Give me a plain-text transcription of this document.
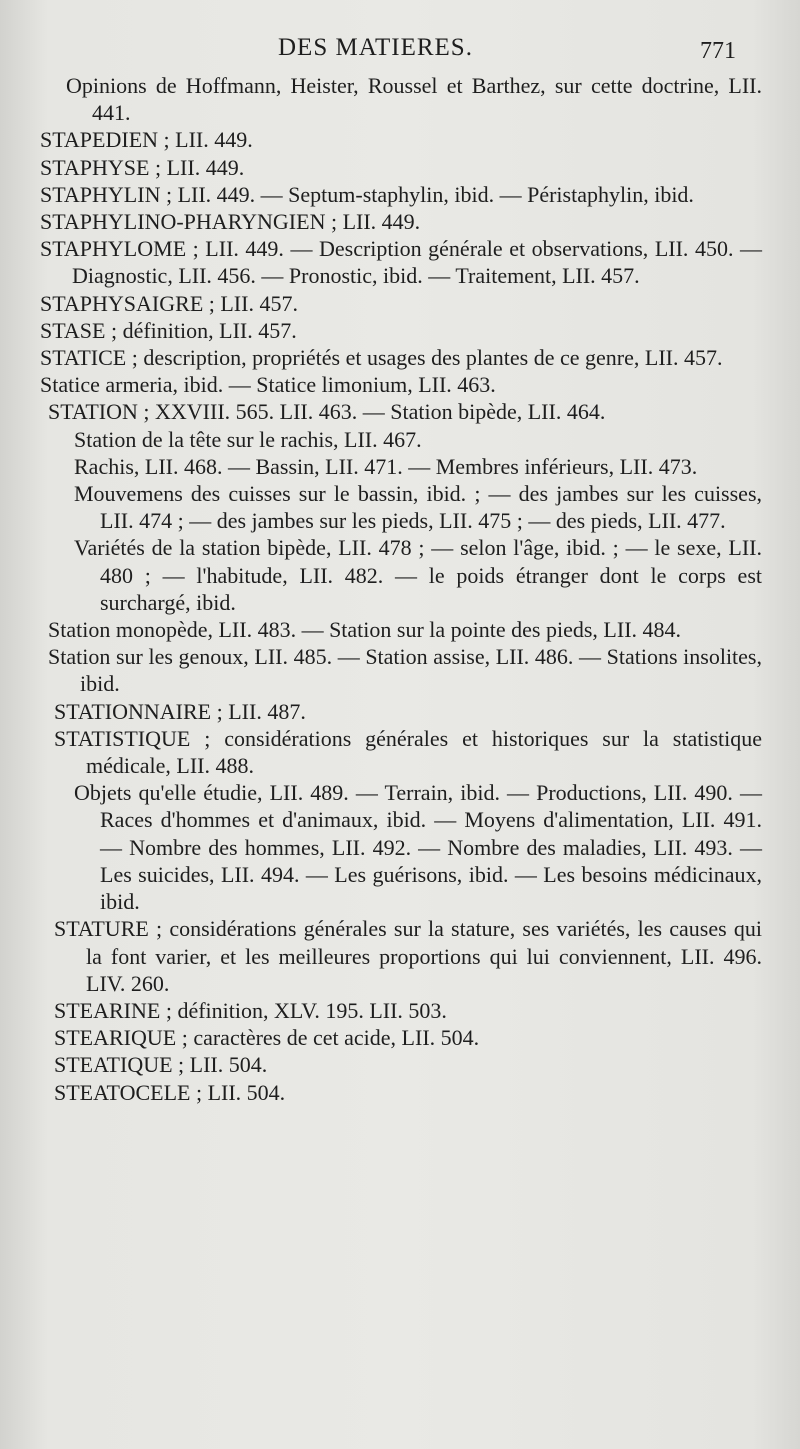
DES MATIERES.	771
Opinions de Hoffmann, Heister, Roussel et Barthez, sur cette doctrine, LII. 441.
STAPEDIEN ; LII. 449.
STAPHYSE ; LII. 449.
STAPHYLIN ; LII. 449. — Septum-staphylin, ibid. — Péristaphylin, ibid.
STAPHYLINO-PHARYNGIEN ; LII. 449.
STAPHYLOME ; LII. 449. — Description générale et observations, LII. 450. — Diagnostic, LII. 456. — Pronostic, ibid. — Traitement, LII. 457.
STAPHYSAIGRE ; LII. 457.
STASE ; définition, LII. 457.
STATICE ; description, propriétés et usages des plantes de ce genre, LII. 457.
Statice armeria, ibid. — Statice limonium, LII. 463.
STATION ; XXVIII. 565. LII. 463. — Station bipède, LII. 464.
Station de la tête sur le rachis, LII. 467.
Rachis, LII. 468. — Bassin, LII. 471. — Membres inférieurs, LII. 473.
Mouvemens des cuisses sur le bassin, ibid. ; — des jambes sur les cuisses, LII. 474 ; — des jambes sur les pieds, LII. 475 ; — des pieds, LII. 477.
Variétés de la station bipède, LII. 478 ; — selon l'âge, ibid. ; — le sexe, LII. 480 ; — l'habitude, LII. 482. — le poids étranger dont le corps est surchargé, ibid.
Station monopède, LII. 483. — Station sur la pointe des pieds, LII. 484.
Station sur les genoux, LII. 485. — Station assise, LII. 486. — Stations insolites, ibid.
STATIONNAIRE ; LII. 487.
STATISTIQUE ; considérations générales et historiques sur la statistique médicale, LII. 488.
Objets qu'elle étudie, LII. 489. — Terrain, ibid. — Productions, LII. 490. — Races d'hommes et d'animaux, ibid. — Moyens d'alimentation, LII. 491. — Nombre des hommes, LII. 492. — Nombre des maladies, LII. 493. — Les suicides, LII. 494. — Les guérisons, ibid. — Les besoins médicinaux, ibid.
STATURE ; considérations générales sur la stature, ses variétés, les causes qui la font varier, et les meilleures proportions qui lui conviennent, LII. 496. LIV. 260.
STEARINE ; définition, XLV. 195. LII. 503.
STEARIQUE ; caractères de cet acide, LII. 504.
STEATIQUE ; LII. 504.
STEATOCELE ; LII. 504.
